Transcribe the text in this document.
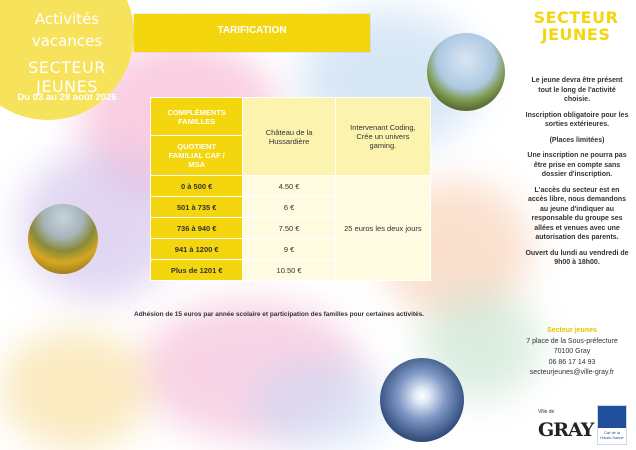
Activités
vacances
SECTEUR JEUNES
Du 03 au 28 août 2026
TARIFICATION
COMPLÉMENTS FAMILLES	Château de la Hussardière	Intervenant Coding, Crée un univers gaming.

QUOTIENT FAMILIAL CAF / MSA		

0 à 500 €	4.50 €	25 euros les deux jours
501 à 735 €	6 €	
736 à 940 €	7.50 €	
941 à 1200 €	9 €	
Plus de 1201 €	10.50 €	
Adhésion de 15 euros par année scolaire et participation des familles pour certaines activités.
SECTEUR
JEUNES

Le jeune devra être présent tout le long de l'activité choisie.

Inscription obligatoire pour les sorties extérieures.

(Places limitées)

Une inscription ne pourra pas être prise en compte sans dossier d'inscription.

L'accès du secteur est en accès libre, nous demandons au jeune d'indiquer au responsable du groupe ses allées et venues avec une autorisation des parents.

Ouvert du lundi au vendredi de 9h00 à 18h00.

Secteur jeunes
7 place de la Sous-préfecture
70100 Gray
06 86 17 14 93
secteurjeunes@ville-gray.fr
Ville de
GRAY	Caf de la Haute-Saône
